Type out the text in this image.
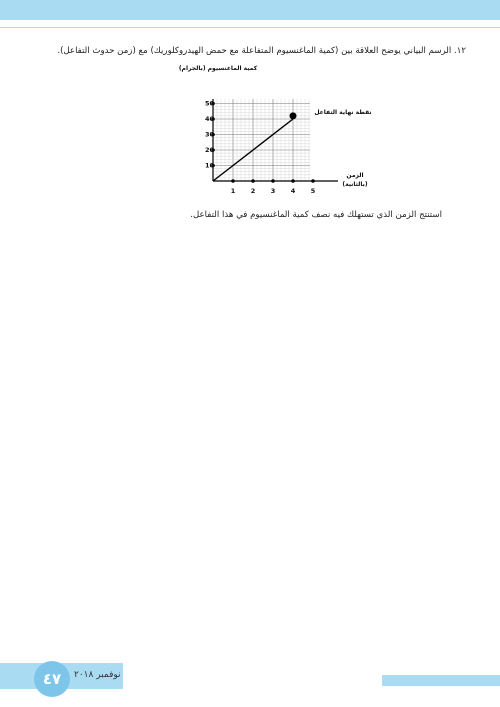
١٢. الرسم البياني يوضح العلاقة بين (كمية الماغنسيوم المتفاعلة مع حمض الهيدروكلوريك) مع (زمن حدوث التفاعل).
كمية الماغنسيوم (بالجرام)
10
20
30
40
50
1 2 3 4 5
نقطة نهاية التفاعل
الزمن
(بالثانية)
استنتج الزمن الذي تستهلك فيه نصف كمية الماغنسيوم في هذا التفاعل.
٤٧	نوفمبر ٢٠١٨
